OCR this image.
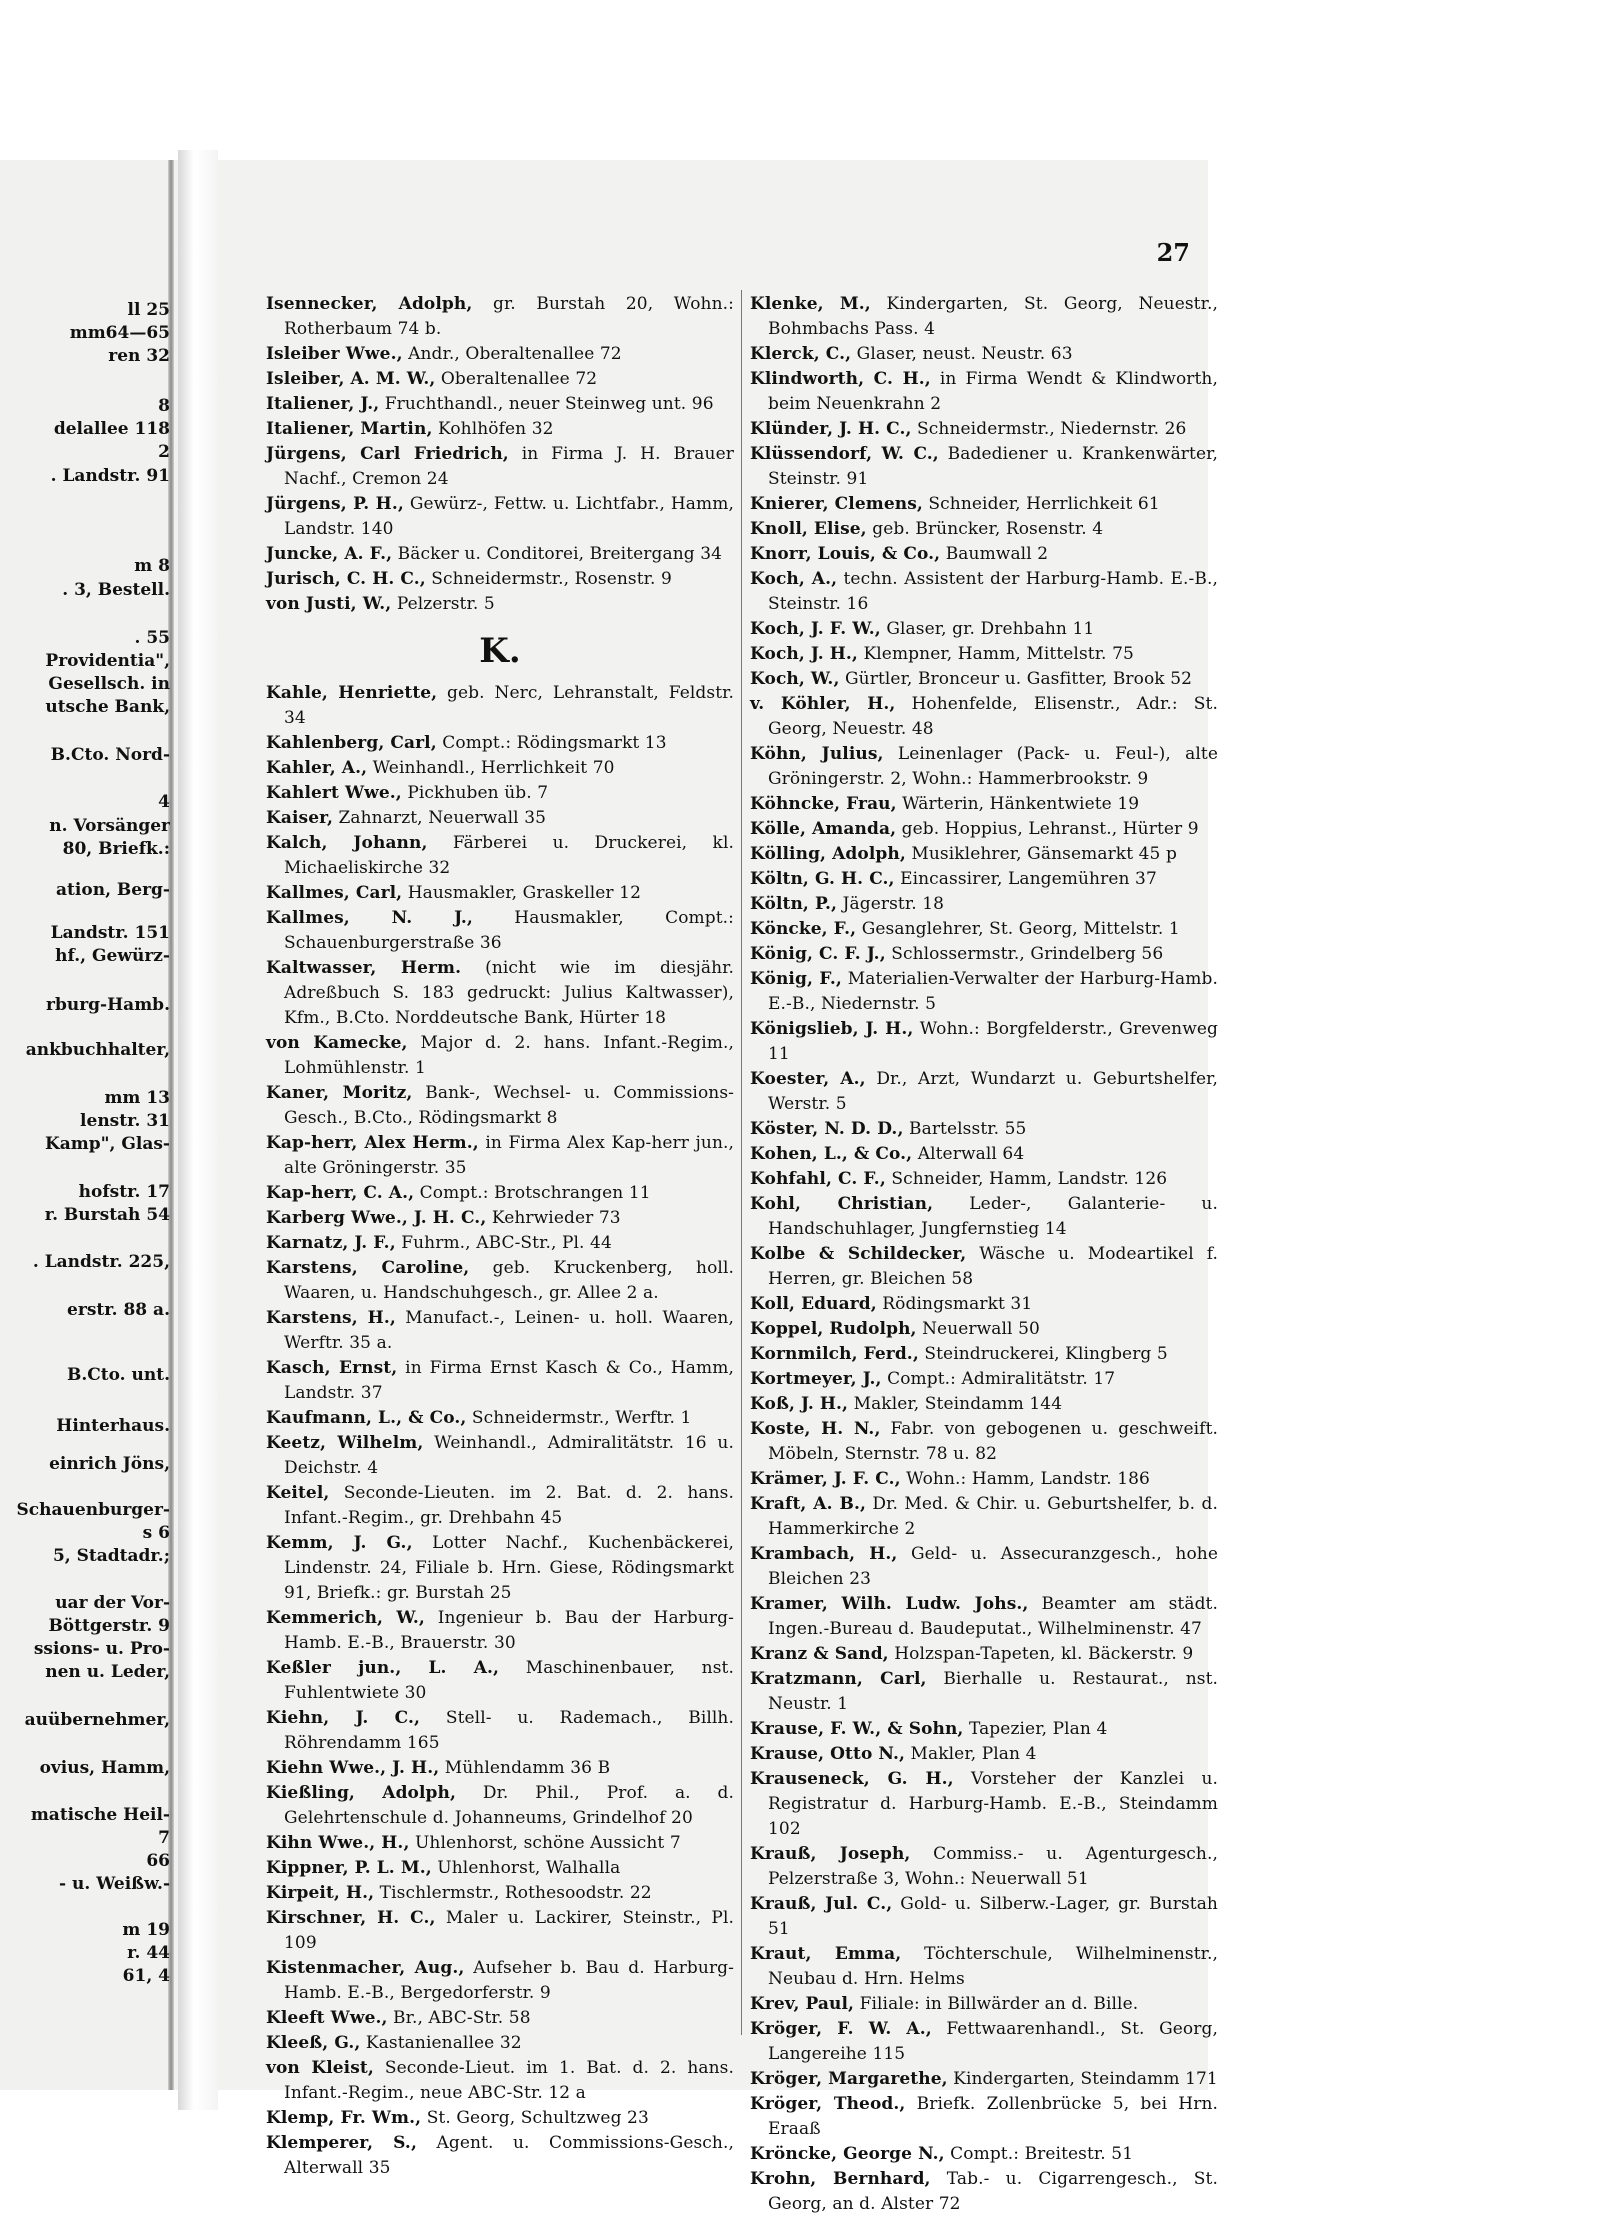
ll 25
mm64—65
ren 32
8
delallee 118
2
. Landstr. 91
m 8
. 3, Bestell.
. 55
Providentia",
Gesellsch. in
utsche Bank,
B.Cto. Nord-
4
n. Vorsänger
80, Briefk.:
ation, Berg-
Landstr. 151
hf., Gewürz-
rburg-Hamb.
ankbuchhalter,
mm 13
lenstr. 31
Kamp", Glas-
hofstr. 17
r. Burstah 54
. Landstr. 225,
erstr. 88 a.
B.Cto. unt.
Hinterhaus.
einrich Jöns,
Schauenburger-
s 6
5, Stadtadr.;
uar der Vor-
Böttgerstr. 9
ssions- u. Pro-
nen u. Leder,
auübernehmer,
ovius, Hamm,
matische Heil-
7
66
- u. Weißw.-
m 19
r. 44
61, 4
27

Isennecker, Adolph, gr. Burstah 20, Wohn.: Rotherbaum 74 b.

Isleiber Wwe., Andr., Oberaltenallee 72

Isleiber, A. M. W., Oberaltenallee 72

Italiener, J., Fruchthandl., neuer Steinweg unt. 96

Italiener, Martin, Kohlhöfen 32

Jürgens, Carl Friedrich, in Firma J. H. Brauer Nachf., Cremon 24

Jürgens, P. H., Gewürz-, Fettw. u. Lichtfabr., Hamm, Landstr. 140

Juncke, A. F., Bäcker u. Conditorei, Breitergang 34

Jurisch, C. H. C., Schneidermstr., Rosenstr. 9

von Justi, W., Pelzerstr. 5

K.

Kahle, Henriette, geb. Nerc, Lehranstalt, Feldstr. 34

Kahlenberg, Carl, Compt.: Rödingsmarkt 13

Kahler, A., Weinhandl., Herrlichkeit 70

Kahlert Wwe., Pickhuben üb. 7

Kaiser, Zahnarzt, Neuerwall 35

Kalch, Johann, Färberei u. Druckerei, kl. Michaeliskirche 32

Kallmes, Carl, Hausmakler, Graskeller 12

Kallmes, N. J., Hausmakler, Compt.: Schauenburgerstraße 36

Kaltwasser, Herm. (nicht wie im diesjähr. Adreßbuch S. 183 gedruckt: Julius Kaltwasser), Kfm., B.Cto. Norddeutsche Bank, Hürter 18

von Kamecke, Major d. 2. hans. Infant.-Regim., Lohmühlenstr. 1

Kaner, Moritz, Bank-, Wechsel- u. Commissions-Gesch., B.Cto., Rödingsmarkt 8

Kap-herr, Alex Herm., in Firma Alex Kap-herr jun., alte Gröningerstr. 35

Kap-herr, C. A., Compt.: Brotschrangen 11

Karberg Wwe., J. H. C., Kehrwieder 73

Karnatz, J. F., Fuhrm., ABC-Str., Pl. 44

Karstens, Caroline, geb. Kruckenberg, holl. Waaren, u. Handschuhgesch., gr. Allee 2 a.

Karstens, H., Manufact.-, Leinen- u. holl. Waaren, Werftr. 35 a.

Kasch, Ernst, in Firma Ernst Kasch & Co., Hamm, Landstr. 37

Kaufmann, L., & Co., Schneidermstr., Werftr. 1

Keetz, Wilhelm, Weinhandl., Admiralitätstr. 16 u. Deichstr. 4

Keitel, Seconde-Lieuten. im 2. Bat. d. 2. hans. Infant.-Regim., gr. Drehbahn 45

Kemm, J. G., Lotter Nachf., Kuchenbäckerei, Lindenstr. 24, Filiale b. Hrn. Giese, Rödingsmarkt 91, Briefk.: gr. Burstah 25

Kemmerich, W., Ingenieur b. Bau der Harburg-Hamb. E.-B., Brauerstr. 30

Keßler jun., L. A., Maschinenbauer, nst. Fuhlentwiete 30

Kiehn, J. C., Stell- u. Rademach., Billh. Röhrendamm 165

Kiehn Wwe., J. H., Mühlendamm 36 B

Kießling, Adolph, Dr. Phil., Prof. a. d. Gelehrtenschule d. Johanneums, Grindelhof 20

Kihn Wwe., H., Uhlenhorst, schöne Aussicht 7

Kippner, P. L. M., Uhlenhorst, Walhalla

Kirpeit, H., Tischlermstr., Rothesoodstr. 22

Kirschner, H. C., Maler u. Lackirer, Steinstr., Pl. 109

Kistenmacher, Aug., Aufseher b. Bau d. Harburg-Hamb. E.-B., Bergedorferstr. 9

Kleeft Wwe., Br., ABC-Str. 58

Kleeß, G., Kastanienallee 32

von Kleist, Seconde-Lieut. im 1. Bat. d. 2. hans. Infant.-Regim., neue ABC-Str. 12 a

Klemp, Fr. Wm., St. Georg, Schultzweg 23

Klemperer, S., Agent. u. Commissions-Gesch., Alterwall 35

Klenke, M., Kindergarten, St. Georg, Neuestr., Bohmbachs Pass. 4

Klerck, C., Glaser, neust. Neustr. 63

Klindworth, C. H., in Firma Wendt & Klindworth, beim Neuenkrahn 2

Klünder, J. H. C., Schneidermstr., Niedernstr. 26

Klüssendorf, W. C., Badediener u. Krankenwärter, Steinstr. 91

Knierer, Clemens, Schneider, Herrlichkeit 61

Knoll, Elise, geb. Brüncker, Rosenstr. 4

Knorr, Louis, & Co., Baumwall 2

Koch, A., techn. Assistent der Harburg-Hamb. E.-B., Steinstr. 16

Koch, J. F. W., Glaser, gr. Drehbahn 11

Koch, J. H., Klempner, Hamm, Mittelstr. 75

Koch, W., Gürtler, Bronceur u. Gasfitter, Brook 52

v. Köhler, H., Hohenfelde, Elisenstr., Adr.: St. Georg, Neuestr. 48

Köhn, Julius, Leinenlager (Pack- u. Feul-), alte Gröningerstr. 2, Wohn.: Hammerbrookstr. 9

Köhncke, Frau, Wärterin, Hänkentwiete 19

Kölle, Amanda, geb. Hoppius, Lehranst., Hürter 9

Kölling, Adolph, Musiklehrer, Gänsemarkt 45 p

Költn, G. H. C., Eincassirer, Langemühren 37

Költn, P., Jägerstr. 18

Köncke, F., Gesanglehrer, St. Georg, Mittelstr. 1

König, C. F. J., Schlossermstr., Grindelberg 56

König, F., Materialien-Verwalter der Harburg-Hamb. E.-B., Niedernstr. 5

Königslieb, J. H., Wohn.: Borgfelderstr., Grevenweg 11

Koester, A., Dr., Arzt, Wundarzt u. Geburtshelfer, Werstr. 5

Köster, N. D. D., Bartelsstr. 55

Kohen, L., & Co., Alterwall 64

Kohfahl, C. F., Schneider, Hamm, Landstr. 126

Kohl, Christian, Leder-, Galanterie- u. Handschuhlager, Jungfernstieg 14

Kolbe & Schildecker, Wäsche u. Modeartikel f. Herren, gr. Bleichen 58

Koll, Eduard, Rödingsmarkt 31

Koppel, Rudolph, Neuerwall 50

Kornmilch, Ferd., Steindruckerei, Klingberg 5

Kortmeyer, J., Compt.: Admiralitätstr. 17

Koß, J. H., Makler, Steindamm 144

Koste, H. N., Fabr. von gebogenen u. geschweift. Möbeln, Sternstr. 78 u. 82

Krämer, J. F. C., Wohn.: Hamm, Landstr. 186

Kraft, A. B., Dr. Med. & Chir. u. Geburtshelfer, b. d. Hammerkirche 2

Krambach, H., Geld- u. Assecuranzgesch., hohe Bleichen 23

Kramer, Wilh. Ludw. Johs., Beamter am städt. Ingen.-Bureau d. Baudeputat., Wilhelminenstr. 47

Kranz & Sand, Holzspan-Tapeten, kl. Bäckerstr. 9

Kratzmann, Carl, Bierhalle u. Restaurat., nst. Neustr. 1

Krause, F. W., & Sohn, Tapezier, Plan 4

Krause, Otto N., Makler, Plan 4

Krauseneck, G. H., Vorsteher der Kanzlei u. Registratur d. Harburg-Hamb. E.-B., Steindamm 102

Krauß, Joseph, Commiss.- u. Agenturgesch., Pelzerstraße 3, Wohn.: Neuerwall 51

Krauß, Jul. C., Gold- u. Silberw.-Lager, gr. Burstah 51

Kraut, Emma, Töchterschule, Wilhelminenstr., Neubau d. Hrn. Helms

Krev, Paul, Filiale: in Billwärder an d. Bille.

Kröger, F. W. A., Fettwaarenhandl., St. Georg, Langereihe 115

Kröger, Margarethe, Kindergarten, Steindamm 171

Kröger, Theod., Briefk. Zollenbrücke 5, bei Hrn. Eraaß

Kröncke, George N., Compt.: Breitestr. 51

Krohn, Bernhard, Tab.- u. Cigarrengesch., St. Georg, an d. Alster 72
